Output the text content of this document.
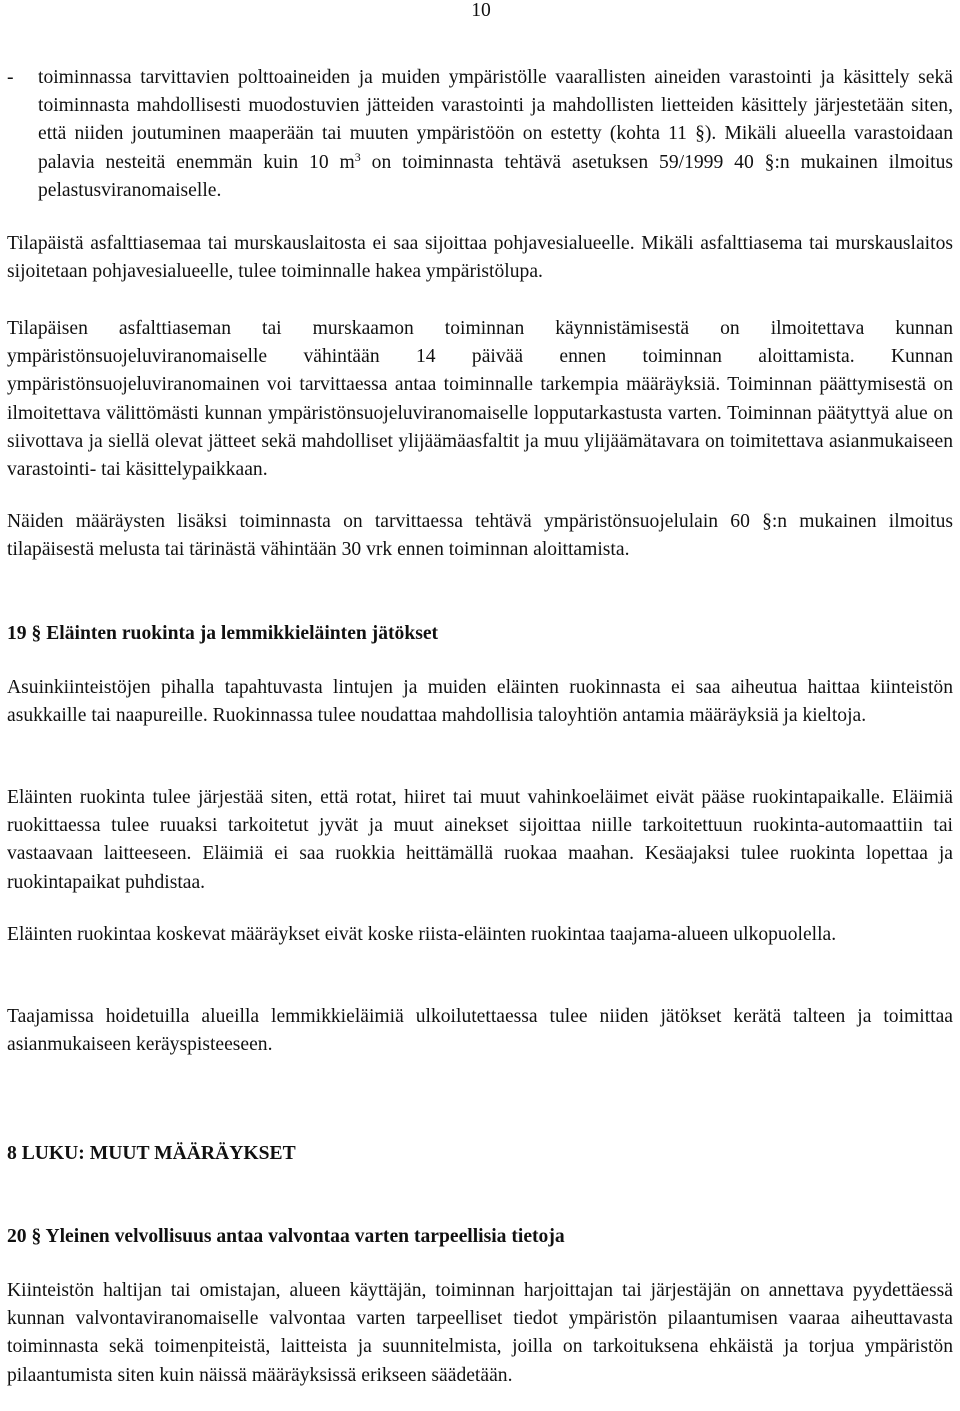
10
- toiminnassa tarvittavien polttoaineiden ja muiden ympäristölle vaarallisten aineiden varastointi ja käsittely sekä toiminnasta mahdollisesti muodostuvien jätteiden varastointi ja mahdollisten lietteiden käsittely järjestetään siten, että niiden joutuminen maaperään tai muuten ympäristöön on estetty (kohta 11 §). Mikäli alueella varastoidaan palavia nesteitä enemmän kuin 10 $m^3$ on toiminnasta tehtävä asetuksen 59/1999 40 §:n mukainen ilmoitus pelastusviranomaiselle.

Tilapäistä asfalttiasemaa tai murskauslaitosta ei saa sijoittaa pohjavesialueelle. Mikäli asfalttiasema tai murskauslaitos sijoitetaan pohjavesialueelle, tulee toiminnalle hakea ympäristölupa.

Tilapäisen asfalttiaseman tai murskaamon toiminnan käynnistämisestä on ilmoitettava kunnan ympäristönsuojeluviranomaiselle vähintään 14 päivää ennen toiminnan aloittamista. Kunnan ympäristönsuojeluviranomainen voi tarvittaessa antaa toiminnalle tarkempia määräyksiä. Toiminnan päättymisestä on ilmoitettava välittömästi kunnan ympäristönsuojeluviranomaiselle lopputarkastusta varten. Toiminnan päätyttyä alue on siivottava ja siellä olevat jätteet sekä mahdolliset ylijäämäasfaltit ja muu ylijäämätavara on toimitettava asianmukaiseen varastointi- tai käsittelypaikkaan.

Näiden määräysten lisäksi toiminnasta on tarvittaessa tehtävä ympäristönsuojelulain 60 §:n mukainen ilmoitus tilapäisestä melusta tai tärinästä vähintään 30 vrk ennen toiminnan aloittamista.

19 § Eläinten ruokinta ja lemmikkieläinten jätökset

Asuinkiinteistöjen pihalla tapahtuvasta lintujen ja muiden eläinten ruokinnasta ei saa aiheutua haittaa kiinteistön asukkaille tai naapureille. Ruokinnassa tulee noudattaa mahdollisia taloyhtiön antamia määräyksiä ja kieltoja.

Eläinten ruokinta tulee järjestää siten, että rotat, hiiret tai muut vahinkoeläimet eivät pääse ruokintapaikalle. Eläimiä ruokittaessa tulee ruuaksi tarkoitetut jyvät ja muut ainekset sijoittaa niille tarkoitettuun ruokinta-automaattiin tai vastaavaan laitteeseen. Eläimiä ei saa ruokkia heittämällä ruokaa maahan. Kesäajaksi tulee ruokinta lopettaa ja ruokintapaikat puhdistaa.

Eläinten ruokintaa koskevat määräykset eivät koske riista-eläinten ruokintaa taajama-alueen ulkopuolella.

Taajamissa hoidetuilla alueilla lemmikkieläimiä ulkoilutettaessa tulee niiden jätökset kerätä talteen ja toimittaa asianmukaiseen keräyspisteeseen.

8 LUKU: MUUT MÄÄRÄYKSET
20 § Yleinen velvollisuus antaa valvontaa varten tarpeellisia tietoja

Kiinteistön haltijan tai omistajan, alueen käyttäjän, toiminnan harjoittajan tai järjestäjän on annettava pyydettäessä kunnan valvontaviranomaiselle valvontaa varten tarpeelliset tiedot ympäristön pilaantumisen vaaraa aiheuttavasta toiminnasta sekä toimenpiteistä, laitteista ja suunnitelmista, joilla on tarkoituksena ehkäistä ja torjua ympäristön pilaantumista siten kuin näissä määräyksissä erikseen säädetään.
